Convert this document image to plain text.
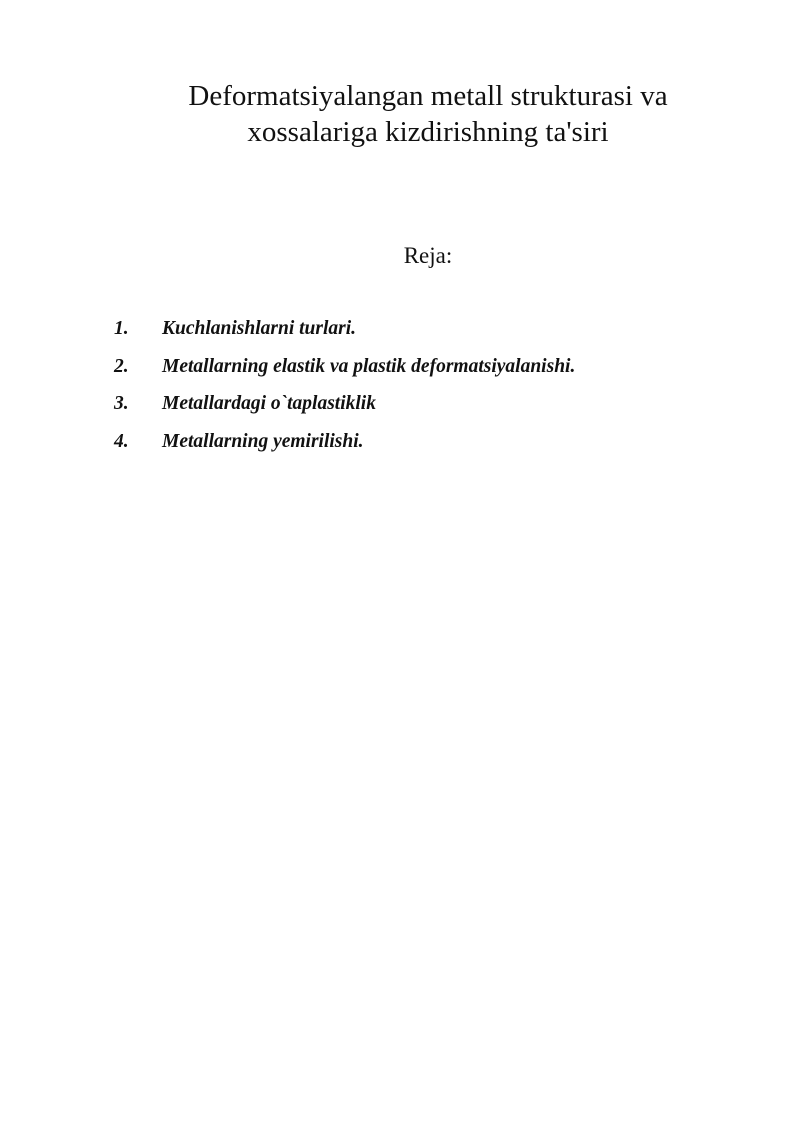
Deformatsiyalangan metall strukturasi va
xossalariga kizdirishning ta'siri
Reja:
1.	Kuchlanishlarni turlari.
2.	Metallarning elastik va plastik deformatsiyalanishi.
3.	Metallardagi o`taplastiklik
4.	Metallarning yemirilishi.
